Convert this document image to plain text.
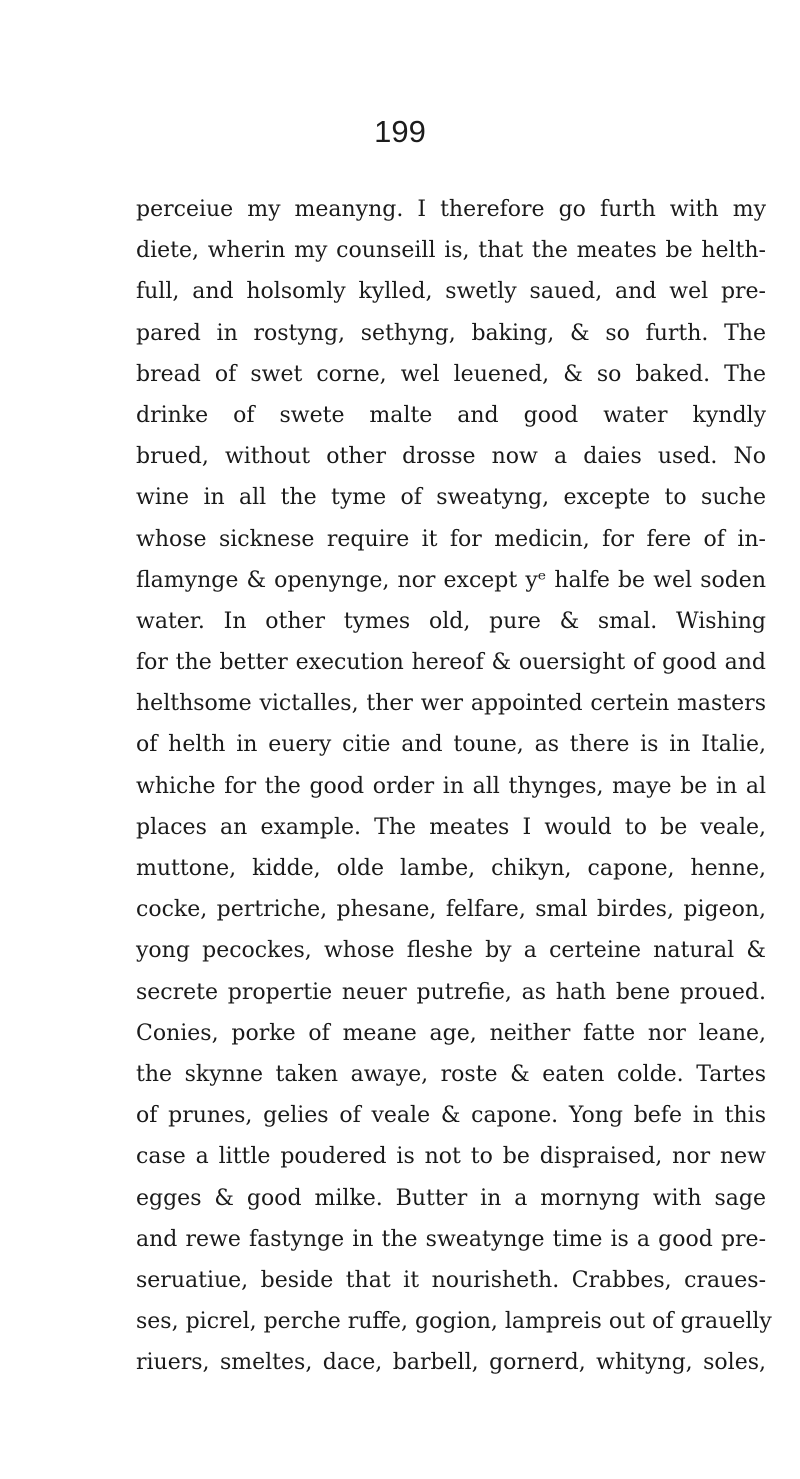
199
perceiue my meanyng. I therefore go furth with my
diete, wherin my counseill is, that the meates be helth-
full, and holsomly kylled, swetly saued, and wel pre-
pared in rostyng, sethyng, baking, & so furth. The
bread of swet corne, wel leuened, & so baked. The
drinke of swete malte and good water kyndly
brued, without other drosse now a daies used. No
wine in all the tyme of sweatyng, excepte to suche
whose sicknese require it for medicin, for fere of in-
flamynge & openynge, nor except yᵉ halfe be wel soden
water. In other tymes old, pure & smal. Wishing
for the better execution hereof & ouersight of good and
helthsome victalles, ther wer appointed certein masters
of helth in euery citie and toune, as there is in Italie,
whiche for the good order in all thynges, maye be in al
places an example. The meates I would to be veale,
muttone, kidde, olde lambe, chikyn, capone, henne,
cocke, pertriche, phesane, felfare, smal birdes, pigeon,
yong pecockes, whose fleshe by a certeine natural &
secrete propertie neuer putrefie, as hath bene proued.
Conies, porke of meane age, neither fatte nor leane,
the skynne taken awaye, roste & eaten colde. Tartes
of prunes, gelies of veale & capone. Yong befe in this
case a little poudered is not to be dispraised, nor new
egges & good milke. Butter in a mornyng with sage
and rewe fastynge in the sweatynge time is a good pre-
seruatiue, beside that it nourisheth. Crabbes, craues-
ses, picrel, perche ruffe, gogion, lampreis out of grauelly
riuers, smeltes, dace, barbell, gornerd, whityng, soles,
